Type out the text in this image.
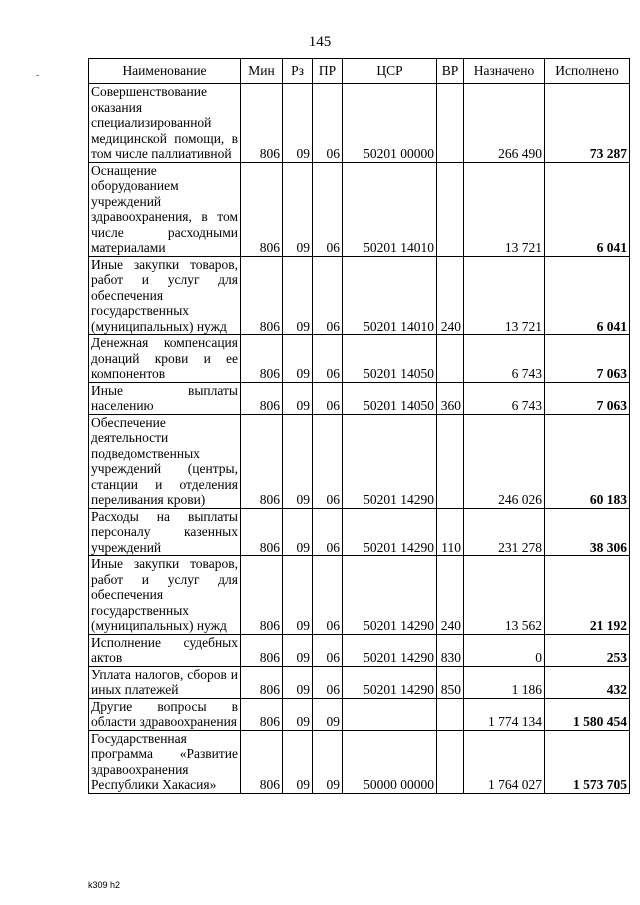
145
-	Наименование	Мин	Рз	ПР	ЦСР	ВР	Назначено	Исполнено
Совершенствование оказания специализированной медицинской помощи, в том числе паллиативной	806	09	06	50201 00000		266 490	73 287
Оснащение оборудованием учреждений здравоохранения, в том числе расходными материалами	806	09	06	50201 14010		13 721	6 041
Иные закупки товаров, работ и услуг для обеспечения государственных (муниципальных) нужд	806	09	06	50201 14010	240	13 721	6 041
Денежная компенсация донаций крови и ее компонентов	806	09	06	50201 14050		6 743	7 063
Иные выплаты населению	806	09	06	50201 14050	360	6 743	7 063
Обеспечение деятельности подведомственных учреждений (центры, станции и отделения переливания крови)	806	09	06	50201 14290		246 026	60 183
Расходы на выплаты персоналу казенных учреждений	806	09	06	50201 14290	110	231 278	38 306
Иные закупки товаров, работ и услуг для обеспечения государственных (муниципальных) нужд	806	09	06	50201 14290	240	13 562	21 192
Исполнение судебных актов	806	09	06	50201 14290	830	0	253
Уплата налогов, сборов и иных платежей	806	09	06	50201 14290	850	1 186	432
Другие вопросы в области здравоохранения	806	09	09			1 774 134	1 580 454
Государственная программа «Развитие здравоохранения Республики Хакасия»	806	09	09	50000 00000		1 764 027	1 573 705
k309 h2
